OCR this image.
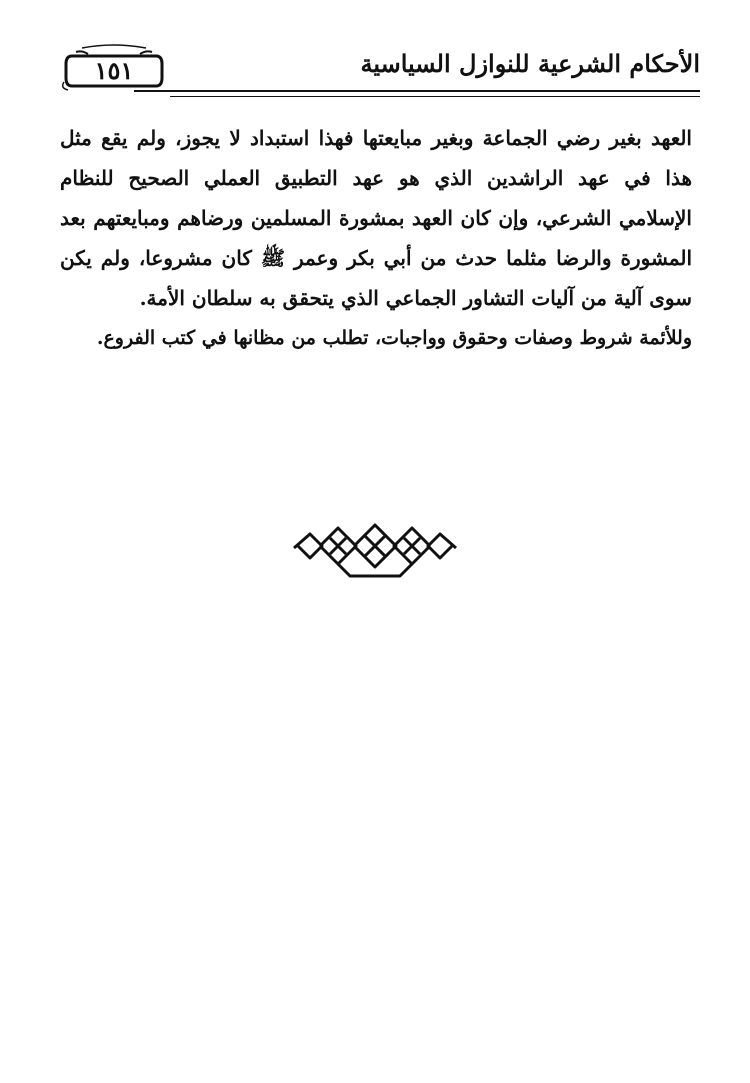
١٥١	الأحكام الشرعية للنوازل السياسية

العهد بغير رضي الجماعة وبغير مبايعتها فهذا استبداد لا يجوز، ولم يقع مثل هذا في عهد الراشدين الذي هو عهد التطبيق العملي الصحيح للنظام الإسلامي الشرعي، وإن كان العهد بمشورة المسلمين ورضاهم ومبايعتهم بعد المشورة والرضا مثلما حدث من أبي بكر وعمر ﷺ كان مشروعا، ولم يكن سوى آلية من آليات التشاور الجماعي الذي يتحقق به سلطان الأمة.

وللأئمة شروط وصفات وحقوق وواجبات، تطلب من مظانها في كتب الفروع.
